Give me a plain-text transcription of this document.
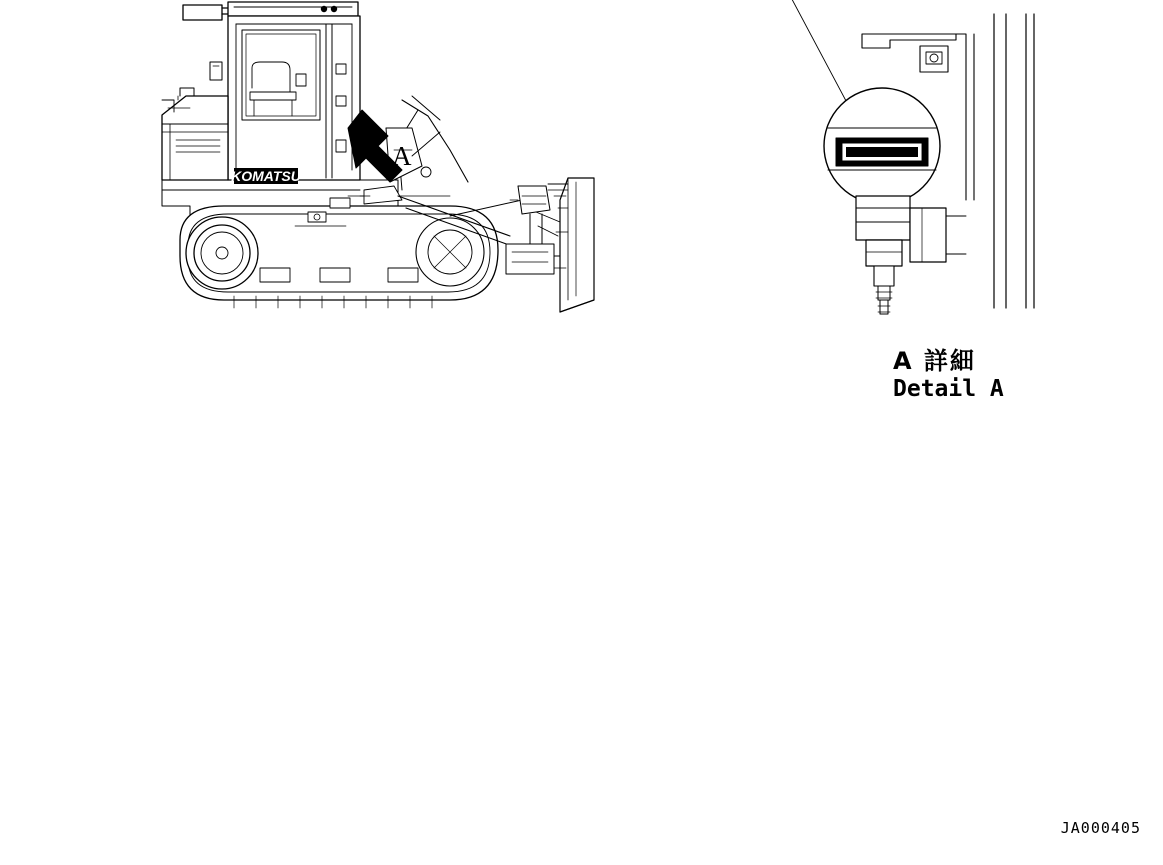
KOMATSU
A
A 詳細
Detail A
JA000405
